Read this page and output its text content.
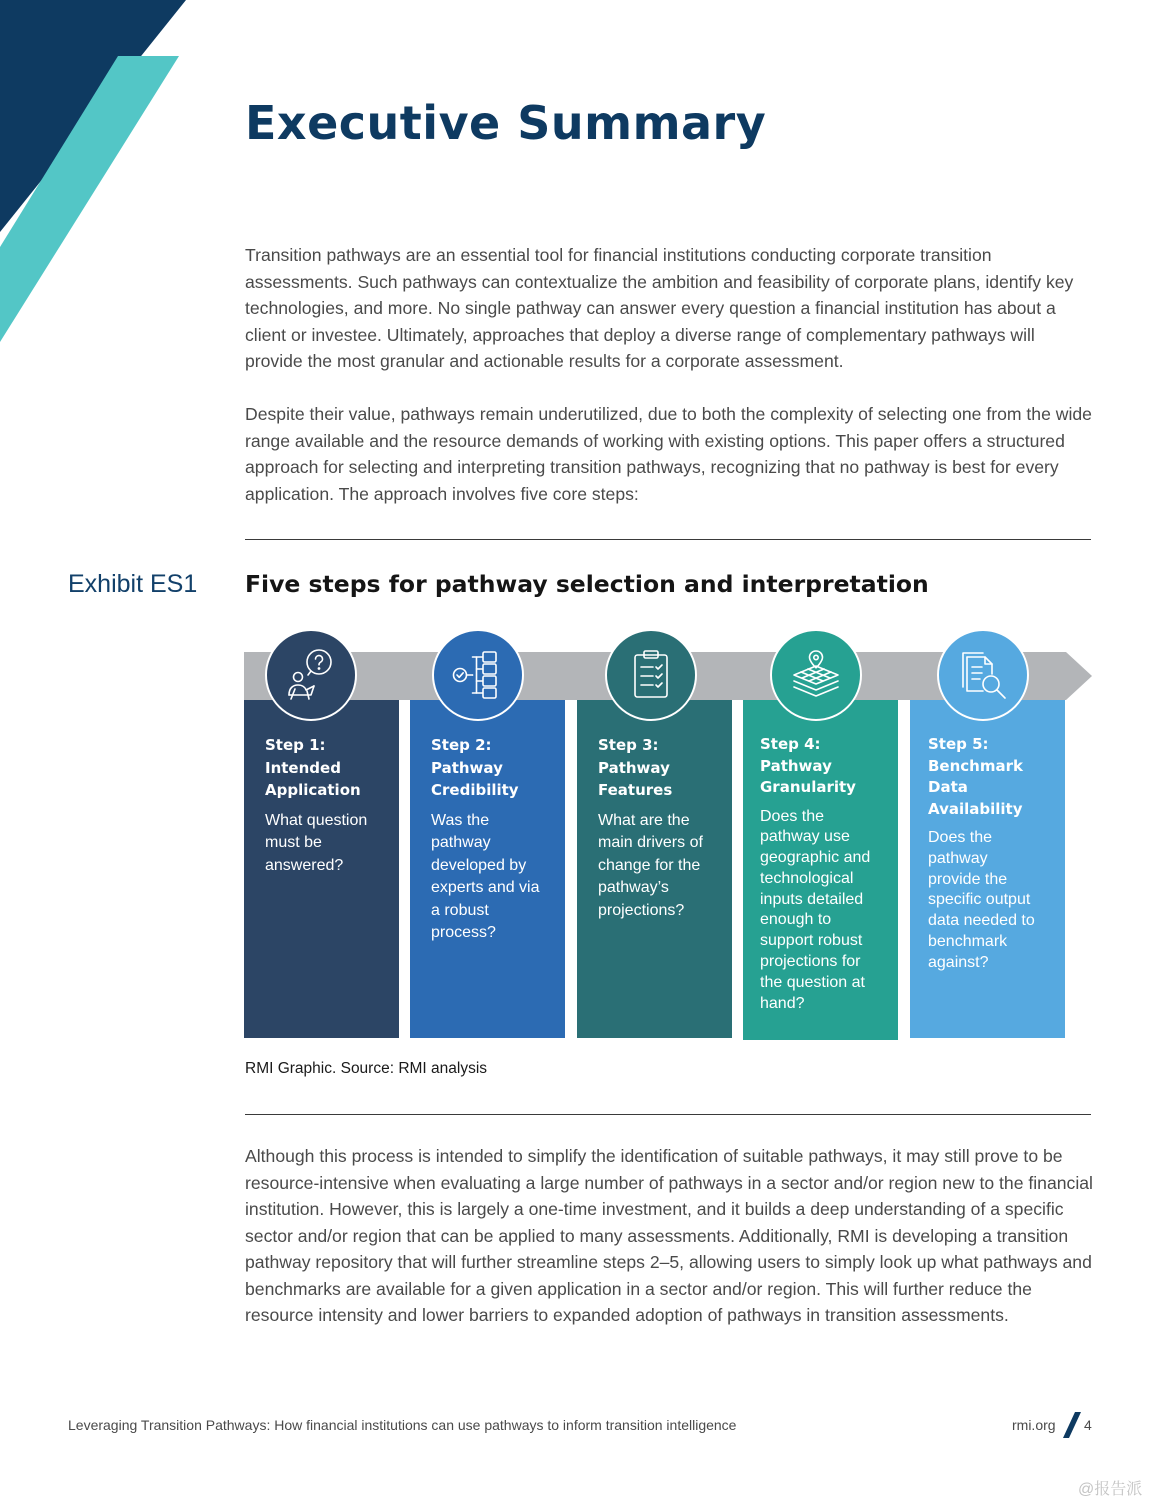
Executive Summary

Transition pathways are an essential tool for financial institutions conducting corporate transition assessments. Such pathways can contextualize the ambition and feasibility of corporate plans, identify key technologies, and more. No single pathway can answer every question a financial institution has about a client or investee. Ultimately, approaches that deploy a diverse range of complementary pathways will provide the most granular and actionable results for a corporate assessment.

Despite their value, pathways remain underutilized, due to both the complexity of selecting one from the wide range available and the resource demands of working with existing options. This paper offers a structured approach for selecting and interpreting transition pathways, recognizing that no pathway is best for every application. The approach involves five core steps:

Exhibit ES1 Five steps for pathway selection and interpretation

Step 1: Intended Application

What question must be answered?

Step 2: Pathway Credibility

Was the pathway developed by experts and via a robust process?

Step 3: Pathway Features

What are the main drivers of change for the pathway’s projections?

Step 4: Pathway Granularity

Does the pathway use geographic and technological inputs detailed enough to support robust projections for the question at hand?

Step 5: Benchmark Data Availability

Does the pathway provide the specific output data needed to benchmark against?

RMI Graphic. Source: RMI analysis

Although this process is intended to simplify the identification of suitable pathways, it may still prove to be resource-intensive when evaluating a large number of pathways in a sector and/or region new to the financial institution. However, this is largely a one-time investment, and it builds a deep understanding of a specific sector and/or region that can be applied to many assessments. Additionally, RMI is developing a transition pathway repository that will further streamline steps 2–5, allowing users to simply look up what pathways and benchmarks are available for a given application in a sector and/or region. This will further reduce the resource intensity and lower barriers to expanded adoption of pathways in transition assessments.

Leveraging Transition Pathways: How financial institutions can use pathways to inform transition intelligence	rmi.org 4
@报告派
